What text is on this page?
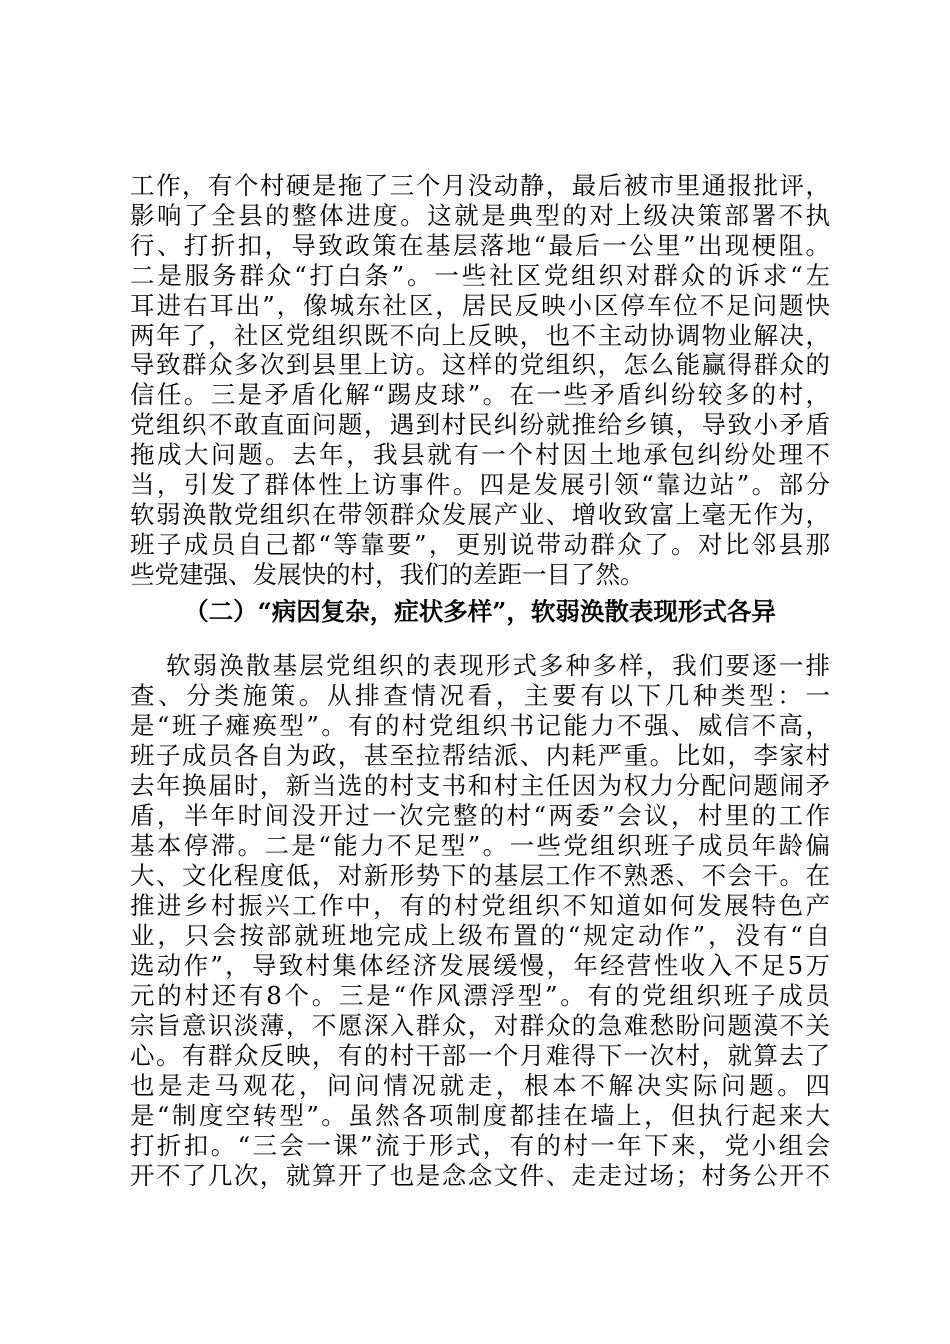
工作，有个村硬是拖了三个月没动静，最后被市里通报批评，
影响了全县的整体进度。这就是典型的对上级决策部署不执
行、打折扣，导致政策在基层落地“最后一公里”出现梗阻。
二是服务群众“打白条”。一些社区党组织对群众的诉求“左
耳进右耳出”，像城东社区，居民反映小区停车位不足问题快
两年了，社区党组织既不向上反映，也不主动协调物业解决，
导致群众多次到县里上访。这样的党组织，怎么能赢得群众的
信任。三是矛盾化解“踢皮球”。在一些矛盾纠纷较多的村，
党组织不敢直面问题，遇到村民纠纷就推给乡镇，导致小矛盾
拖成大问题。去年，我县就有一个村因土地承包纠纷处理不
当，引发了群体性上访事件。四是发展引领“靠边站”。部分
软弱涣散党组织在带领群众发展产业、增收致富上毫无作为，
班子成员自己都“等靠要”，更别说带动群众了。对比邻县那
些党建强、发展快的村，我们的差距一目了然。
（二）“病因复杂，症状多样”，软弱涣散表现形式各异
软弱涣散基层党组织的表现形式多种多样，我们要逐一排
查、分类施策。从排查情况看，主要有以下几种类型：一
是“班子瘫痪型”。有的村党组织书记能力不强、威信不高，
班子成员各自为政，甚至拉帮结派、内耗严重。比如，李家村
去年换届时，新当选的村支书和村主任因为权力分配问题闹矛
盾，半年时间没开过一次完整的村“两委”会议，村里的工作
基本停滞。二是“能力不足型”。一些党组织班子成员年龄偏
大、文化程度低，对新形势下的基层工作不熟悉、不会干。在
推进乡村振兴工作中，有的村党组织不知道如何发展特色产
业，只会按部就班地完成上级布置的“规定动作”，没有“自
选动作”，导致村集体经济发展缓慢，年经营性收入不足5万
元的村还有8个。三是“作风漂浮型”。有的党组织班子成员
宗旨意识淡薄，不愿深入群众，对群众的急难愁盼问题漠不关
心。有群众反映，有的村干部一个月难得下一次村，就算去了
也是走马观花，问问情况就走，根本不解决实际问题。四
是“制度空转型”。虽然各项制度都挂在墙上，但执行起来大
打折扣。“三会一课”流于形式，有的村一年下来，党小组会
开不了几次，就算开了也是念念文件、走走过场；村务公开不
